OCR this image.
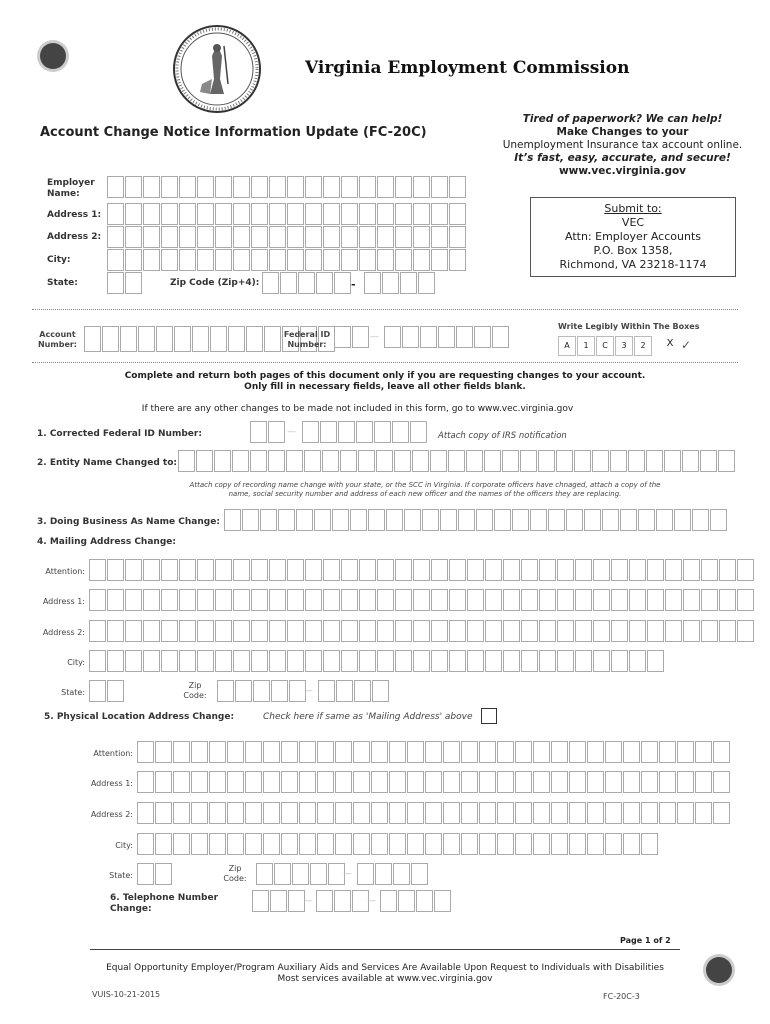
Virginia Employment Commission
Account Change Notice Information Update (FC-20C)
Tired of paperwork? We can help!
Make Changes to your
Unemployment Insurance tax account online.
It’s fast, easy, accurate, and secure!
www.vec.virginia.gov
Submit to:
VEC
Attn: Employer Accounts
P.O. Box 1358,
Richmond, VA 23218-1174
Employer Name:
Address 1:
Address 2:
City:
State:	Zip Code (Zip+4):	-
Account Number:
Federal ID Number:
—
Write Legibly Within The Boxes
A	1	C	3	2	X ✓
Complete and return both pages of this document only if you are requesting changes to your account.
Only fill in necessary fields, leave all other fields blank.
If there are any other changes to be made not included in this form, go to www.vec.virginia.gov
1. Corrected Federal ID Number:	—	Attach copy of IRS notification
2. Entity Name Changed to:
Attach copy of recording name change with your state, or the SCC in Virginia. If corporate officers have chnaged, attach a copy of the
name, social security number and address of each new officer and the names of the officers they are replacing.
3. Doing Business As Name Change:
4. Mailing Address Change:
Attention:
Address 1:
Address 2:
City:
State:
Zip Code:	—
5. Physical Location Address Change:	Check here if same as 'Mailing Address' above
Attention:
Address 1:
Address 2:
City:
State:
Zip Code:	—
6. Telephone Number Change:
—	—
Page 1 of 2
Equal Opportunity Employer/Program Auxiliary Aids and Services Are Available Upon Request to Individuals with Disabilities
Most services available at www.vec.virginia.gov
VUIS-10-21-2015	FC-20C-3
